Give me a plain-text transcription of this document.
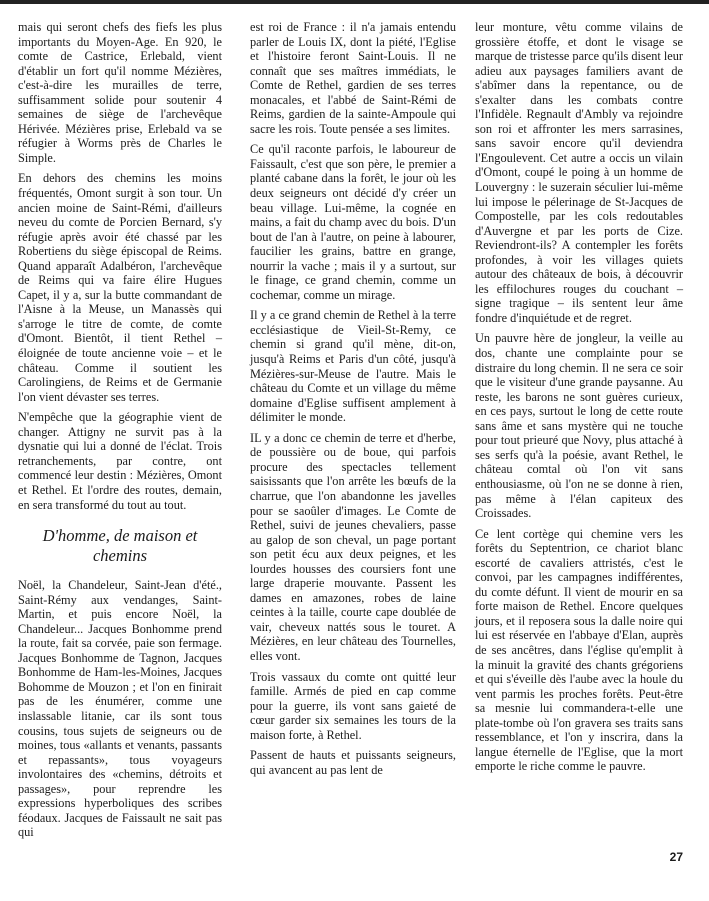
mais qui seront chefs des fiefs les plus importants du Moyen-Age. En 920, le comte de Castrice, Erlebald, vient d'établir un fort qu'il nomme Mézières, c'est-à-dire les murailles de terre, suffisamment solide pour soutenir 4 semaines de siège de l'archevêque Hérivée. Mézières prise, Erlebald va se réfugier à Worms près de Charles le Simple.

En dehors des chemins les moins fréquentés, Omont surgit à son tour. Un ancien moine de Saint-Rémi, d'ailleurs neveu du comte de Porcien Bernard, s'y réfugie après avoir été chassé par les Robertiens du siège épiscopal de Reims. Quand apparaît Adalbéron, l'archevêque de Reims qui va faire élire Hugues Capet, il y a, sur la butte commandant de l'Aisne à la Meuse, un Manassès qui s'arroge le titre de comte, de comte d'Omont. Bientôt, il tient Rethel – éloignée de toute ancienne voie – et le château. Comme il soutient les Carolingiens, de Reims et de Germanie l'on vient dévaster ses terres.

N'empêche que la géographie vient de changer. Attigny ne survit pas à la dysnatie qui lui a donné de l'éclat. Trois retranchements, par contre, ont commencé leur destin : Mézières, Omont et Rethel. Et l'ordre des routes, demain, en sera transformé du tout au tout.

D'homme, de maison et chemins

Noël, la Chandeleur, Saint-Jean d'été., Saint-Rémy aux vendanges, Saint-Martin, et puis encore Noël, la Chandeleur... Jacques Bonhomme prend la route, fait sa corvée, paie son fermage. Jacques Bonhomme de Tagnon, Jacques Bonhomme de Ham-les-Moines, Jacques Bohomme de Mouzon ; et l'on en finirait pas de les énumérer, comme une inslassable litanie, car ils sont tous cousins, tous sujets de seigneurs ou de moines, tous «allants et venants, passants et repassants», tous voyageurs involontaires des «chemins, détroits et passages», pour reprendre les expressions hyperboliques des scribes féodaux. Jacques de Faissault ne sait pas qui

est roi de France : il n'a jamais entendu parler de Louis IX, dont la piété, l'Eglise et l'histoire feront Saint-Louis. Il ne connaît que ses maîtres immédiats, le Comte de Rethel, gardien de ses terres monacales, et l'abbé de Saint-Rémi de Reims, gardien de la sainte-Ampoule qui sacre les rois. Toute pensée a ses limites.

Ce qu'il raconte parfois, le laboureur de Faissault, c'est que son père, le premier a planté cabane dans la forêt, le jour où les deux seigneurs ont décidé d'y créer un beau village. Lui-même, la cognée en mains, a fait du champ avec du bois. D'un bout de l'an à l'autre, on peine à labourer, faucilier les grains, battre en grange, nourrir la vache ; mais il y a surtout, sur le finage, ce grand chemin, comme un cochemar, comme un mirage.

Il y a ce grand chemin de Rethel à la terre ecclésiastique de Vieil-St-Remy, ce chemin si grand qu'il mène, dit-on, jusqu'à Reims et Paris d'un côté, jusqu'à Mézières-sur-Meuse de l'autre. Mais le château du Comte et un village du même domaine d'Eglise suffisent amplement à délimiter le monde.

IL y a donc ce chemin de terre et d'herbe, de poussière ou de boue, qui parfois procure des spectacles tellement saisissants que l'on arrête les bœufs de la charrue, que l'on abandonne les javelles pour se saoûler d'images. Le Comte de Rethel, suivi de jeunes chevaliers, passe au galop de son cheval, un page portant son petit écu aux deux peignes, et les lourdes housses des coursiers font une large draperie mouvante. Passent les dames en amazones, robes de laine ceintes à la taille, courte cape doublée de vair, cheveux nattés sous le touret. A Mézières, en leur château des Tournelles, elles vont.

Trois vassaux du comte ont quitté leur famille. Armés de pied en cap comme pour la guerre, ils vont sans gaieté de cœur garder six semaines les tours de la maison forte, à Rethel.

Passent de hauts et puissants seigneurs, qui avancent au pas lent de

leur monture, vêtu comme vilains de grossière étoffe, et dont le visage se marque de tristesse parce qu'ils disent leur adieu aux paysages familiers avant de s'abîmer dans la repentance, ou de s'exalter dans les combats contre l'Infidèle. Regnault d'Ambly va rejoindre son roi et affronter les mers sarrasines, sans savoir encore qu'il deviendra l'Engoulevent. Cet autre a occis un vilain d'Omont, coupé le poing à un homme de Louvergny : le suzerain séculier lui-même lui impose le pélerinage de St-Jacques de Compostelle, par les cols redoutables d'Auvergne et par les ports de Cize. Reviendront-ils? A contempler les forêts profondes, à voir les villages quiets autour des châteaux de bois, à découvrir les effilochures rouges du couchant – signe tragique – ils sentent leur âme fondre d'inquiétude et de regret.

Un pauvre hère de jongleur, la veille au dos, chante une complainte pour se distraire du long chemin. Il ne sera ce soir que le visiteur d'une grande paysanne. Au reste, les barons ne sont guères curieux, en ces pays, surtout le long de cette route sans âme et sans mystère qui ne touche pour tout prieuré que Novy, plus attaché à ses serfs qu'à la poésie, avant Rethel, le château comtal où l'on vit sans enthousiasme, où l'on ne se donne à rien, pas même à l'élan capiteux des Croissades.

Ce lent cortège qui chemine vers les forêts du Septentrion, ce chariot blanc escorté de cavaliers attristés, c'est le convoi, par les campagnes indifférentes, du comte défunt. Il vient de mourir en sa forte maison de Rethel. Encore quelques jours, et il reposera sous la dalle noire qui lui est réservée en l'abbaye d'Elan, auprès de ses ancêtres, dans l'église qu'emplit à la minuit la gravité des chants grégoriens et qui s'éveille dès l'aube avec la houle du vent parmis les proches forêts. Peut-être sa mesnie lui commandera-t-elle une plate-tombe où l'on gravera ses traits sans ressemblance, et l'on y inscrira, dans la langue éternelle de l'Eglise, que la mort emporte le riche comme le pauvre.

27
